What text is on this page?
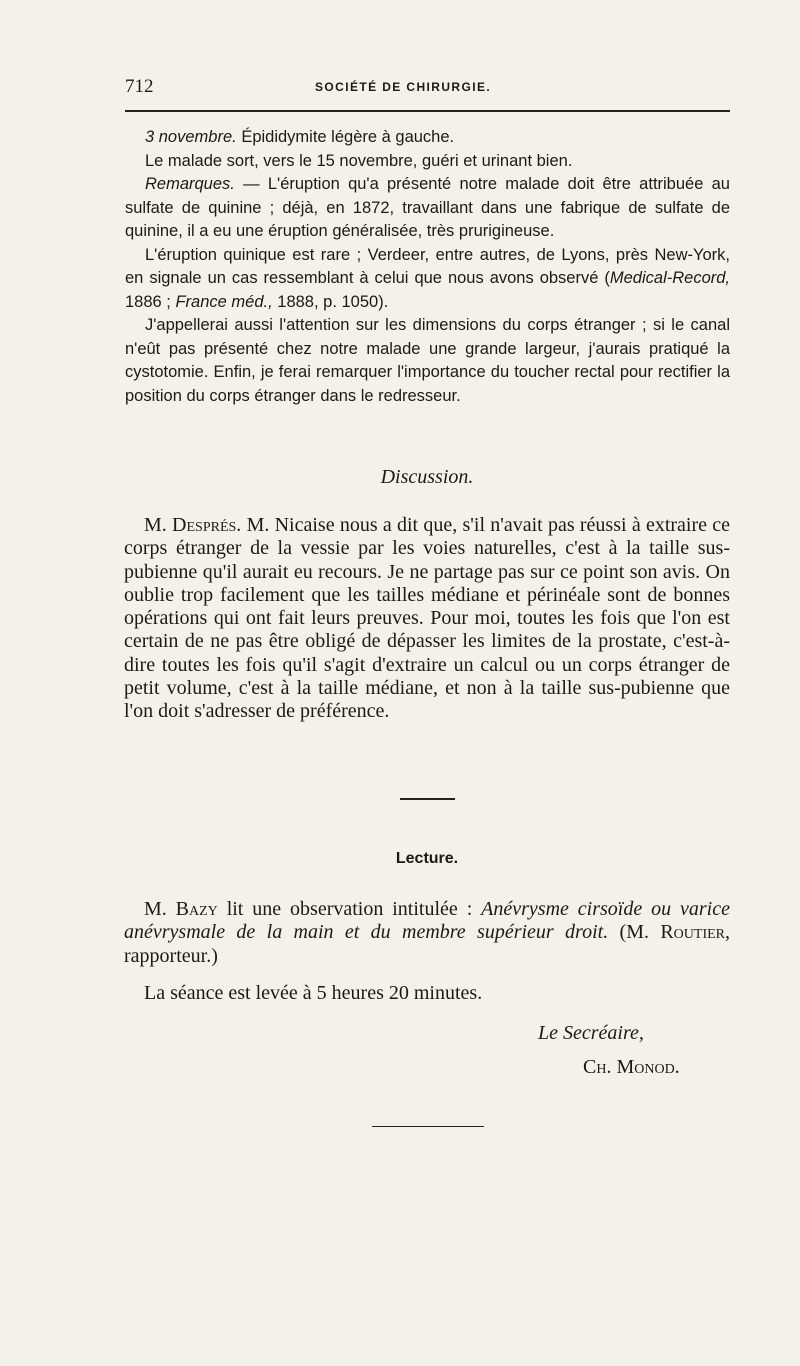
712	SOCIÉTÉ DE CHIRURGIE.

3 novembre. Épididymite légère à gauche.

Le malade sort, vers le 15 novembre, guéri et urinant bien.

Remarques. — L'éruption qu'a présenté notre malade doit être attribuée au sulfate de quinine ; déjà, en 1872, travaillant dans une fabrique de sulfate de quinine, il a eu une éruption généralisée, très prurigineuse.

L'éruption quinique est rare ; Verdeer, entre autres, de Lyons, près New-York, en signale un cas ressemblant à celui que nous avons observé (Medical-Record, 1886 ; France méd., 1888, p. 1050).

J'appellerai aussi l'attention sur les dimensions du corps étranger ; si le canal n'eût pas présenté chez notre malade une grande largeur, j'aurais pratiqué la cystotomie. Enfin, je ferai remarquer l'importance du toucher rectal pour rectifier la position du corps étranger dans le redresseur.

Discussion.

M. Després. M. Nicaise nous a dit que, s'il n'avait pas réussi à extraire ce corps étranger de la vessie par les voies naturelles, c'est à la taille sus-pubienne qu'il aurait eu recours. Je ne partage pas sur ce point son avis. On oublie trop facilement que les tailles médiane et périnéale sont de bonnes opérations qui ont fait leurs preuves. Pour moi, toutes les fois que l'on est certain de ne pas être obligé de dépasser les limites de la prostate, c'est-à-dire toutes les fois qu'il s'agit d'extraire un calcul ou un corps étranger de petit volume, c'est à la taille médiane, et non à la taille sus-pubienne que l'on doit s'adresser de préférence.

Lecture.

M. Bazy lit une observation intitulée : Anévrysme cirsoïde ou varice anévrysmale de la main et du membre supérieur droit. (M. Routier, rapporteur.)

La séance est levée à 5 heures 20 minutes.

Le Secréaire,
Ch. Monod.
